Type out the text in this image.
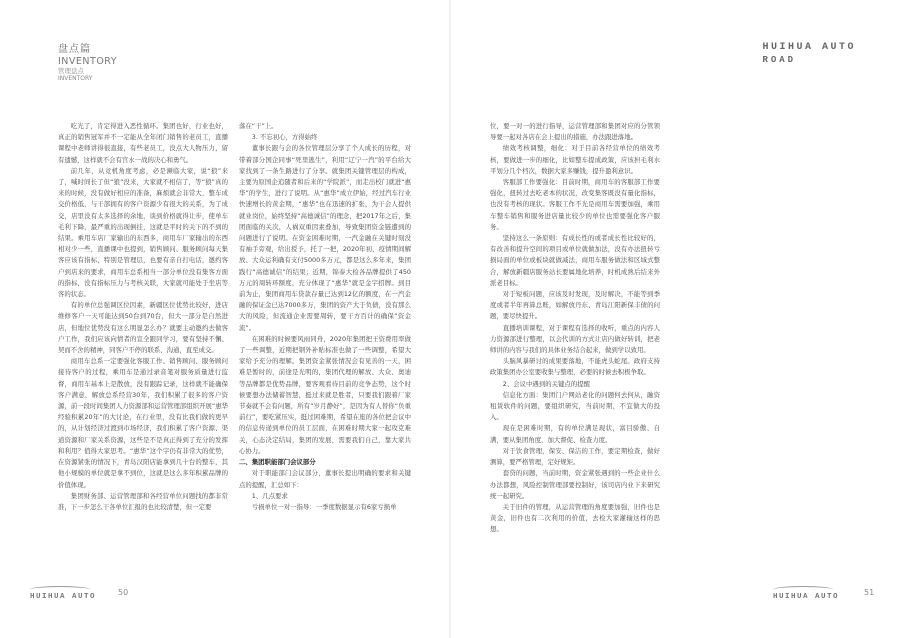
盘点篇
INVENTORY
管理盘点
INVENTORY

吃光了，肯定得进入恶性循环。集团也好，行业也好，真正的销售冠军并不一定能从全年闭门销售的老员工，直播课程中老师讲得很直接，有些老员工，没点大人物压力，留有遗憾，这样就不会有宫水一战的决心和勇气。

前几年，从竞机角度考虑，必是濒临大家，说“狼”来了，喊时间长了但“狼”没来，大家就不相信了，等“狼”真的来的时候，没有做好相应的准备，麻烦就会非常大，整车成交价格低，与干部拥有的客户资源少有很大的关系，为了成交，店里没有太多选择的余地，谈到价格就得让步，使单车毛利下降，最严重的出现倒挂，这就是平时的关下的不到的结果。乘用车店厂家输出的东西多，商用车厂家输出的东西相对少一些，直播课中也提到，销售顾问、服务顾问每天集客应该有指标，特别是管理层，也要有亲自打电话，邀约客户到店来的要求，商用车总系相当一部分单位没有集客方面的指标，没有指标压力与考核关联，大家就可能处于坐店等客的状态。

有的单位总强调区位因素，新疆区位优势比较好，进店维修客户一天可能达到50台到70台，但大一部分是自然进店，但地位优势没有这么明显怎么办？就要主动邀约去做客户工作，我们应该向情者的宣全跟同学习，要有坚持不懈、契而不舍的精神，同客户不停的联系、沟通，直至成交。

商用车总系一定要强化客服工作、销售顾问、服务顾问接待客户的过程，乘用车是通过录音笔对服务质量进行监督，商用车基本上是散放，没有跟踪记录，这样就不能确保客户满意，解放总系经营30年，我们积累了很多的客户资源，前一段时间集团人力资源部和运营管理部组织开展“惠华经验积累20年”的大讨论，在行业里，没有比我们做的更早的，从计划经济过渡到市场经济，我们积累了客户资源、渠道资源和厂家关系资源，这些是不是真正得到了充分的发挥和利用？值得大家思考。“惠华”这个字仍有非常大的优势，在资源紧张的情况下，青岛汉阳店能拿到几十台的整车，其他小规模的单位就是拿不到位，这就是这么多年积累品牌的价值体现。

集团财务部、运营管理部和各经营单位问题找的都非常准，下一步怎么干各单位汇报的也比较清楚，但一定要

落在“干”上。

3. 不忘初心，方得始终

董事长跟与会的各位管理层分享了个人成长的历程，对带着部分国企同事“死里逃生”，利用“辽宁一汽”的平台给大家找到了一条生路进行了分享。就集团关键管理层的构成，主要为原国企追随者和后来的“学院派”，而走出校门就进“惠华”的学生，进行了说明。从“惠华”成立伊始，经过汽车行业快速增长的黄金期，“惠华”也在迅速的扩张，为干会人提供就业岗位，始终坚持“高德诚信”的理念，把2017年之后，集团面临的关次，人祸双重因素叠加，导致集团资金链遭到的问题进行了说明。在资金困难时期，一汽金融在关键时刻没有袖手旁观，给出授予，托了一把，2020年初，疫情期间解放、大众运利确有支付5000多万元，都是这么多年来，集团践行“高德诚信”的结果；近期，锦泰大检各品牌提供了450万元的周转环额度，充分体现了“惠华”就是金字招牌。到目前为止，集团商用车贷款存量已达到12亿的额度，在一汽金融的保证金已达7000多万，集团的资产大于负债，没有那么大的风险，但流通企业需要周转，要干方百计的确保“资金流”。

在困难的时候要风雨同舟，2020年集团把王资费用率做了一些调整，近期把钢外补贴标准也做了一些调整，希望大家给予充分的理解。集团资金紧张情况会有见善的一天，困难是暂时的，前途是光明的，集团代理的解放、大众、奥迪等品牌都是优势品牌，要客观看待目前的竞争态势，这个时候要想办法储蓄智慧，挺过来就是胜者，只要我们跟着厂家节奏就不会有问题，所有“岁月静好”，是因为有人替你“负重前行”，要吃紧压实，挺过困难期，希望在座的各位把会议中的信息传递到单位的员工层面，在困难时期大家一起攻克难关，心态决定结局，集团的发展，需要我们自己，靠大家共心协力。

二、集团职能部门会议部分

对于职能部门会议部分，董事长提出明确的要求和关键点的提醒，汇总如下：

1、几点要求

亏损单位一对一指导：一季度数据显示有6家亏损单

HUIHUA AUTO	50
HUIHUA AUTO
ROAD

位，要一对一的进行指导，运营管理部和集团对应的分管领导要一起对各店在会上提出的措施，办法跟进落地。

绩效考核调整，细化：对于目前各经营单位的绩效考核，要做进一步的细化，比如整车提成政策，应该担毛利水平划分几个档次，数据大家多赚钱，提升盈利意识。

客服部工作要强化：目前时期，商用车的客服部工作要强化，扭转过去吃老本的状况，改变集客既没有量化指标，也没有考核的现状。客服工作不光是商用车需要加强，乘用车整车销售和服务进店量比较少的单位也需要强化客户服务。

坚持这么一条原则：有成长性的或者成长性比较好的，有改善和提升空间的项目或单位就做加法，没有办法扭转亏损局面的单位或板块就做减法，商用车服务做法和区域式整合，解放新疆店服务站长要属地化培养，时机成熟后结来外派老目标。

对于短板问题，应该及时发现，及时解决，不能等到季度或者半年再算总账，如解放丹东、青岛江阳新保丰债的问题，要尽快提升。

直播培训课程，对于课程有选择的收听，重点的内容人力资源部进行整理，以会代训的方式让店内做好转训，把老师讲的内容与我们的具体业务结合起来，做到学以致用。

头脑风暴研讨的成果要落地，不能虎头蛇尾。政府支持政策集团办公室要收集与整理，必要的时候去积极争取。

2、会议中遇到的关键点的提醒

信息化方面：集团门户网站老化的问题何去何从，融资租赁软件的问题，要组织研究，当前时期，不宜做大的投入。

现在是困难时期，有的单位满足现状，富目骄傲、自满，要从集团角度，加大督促、检查力度。

对于饮食管理，保安、保洁的工作，要定期检查，做好测算，要严格管理，定好规矩。

套贷的问题，当前时期，资金紧张遇到的一些企业什么办法都想，风险控制管理部要控制好，该司店内业下来研究统一起研究。

关于旧件的管理，从运营管理的角度要加强，旧件也是黄金，旧件也有二次利用的价值，去检大家灌输这样的思想。

HUIHUA AUTO	51
